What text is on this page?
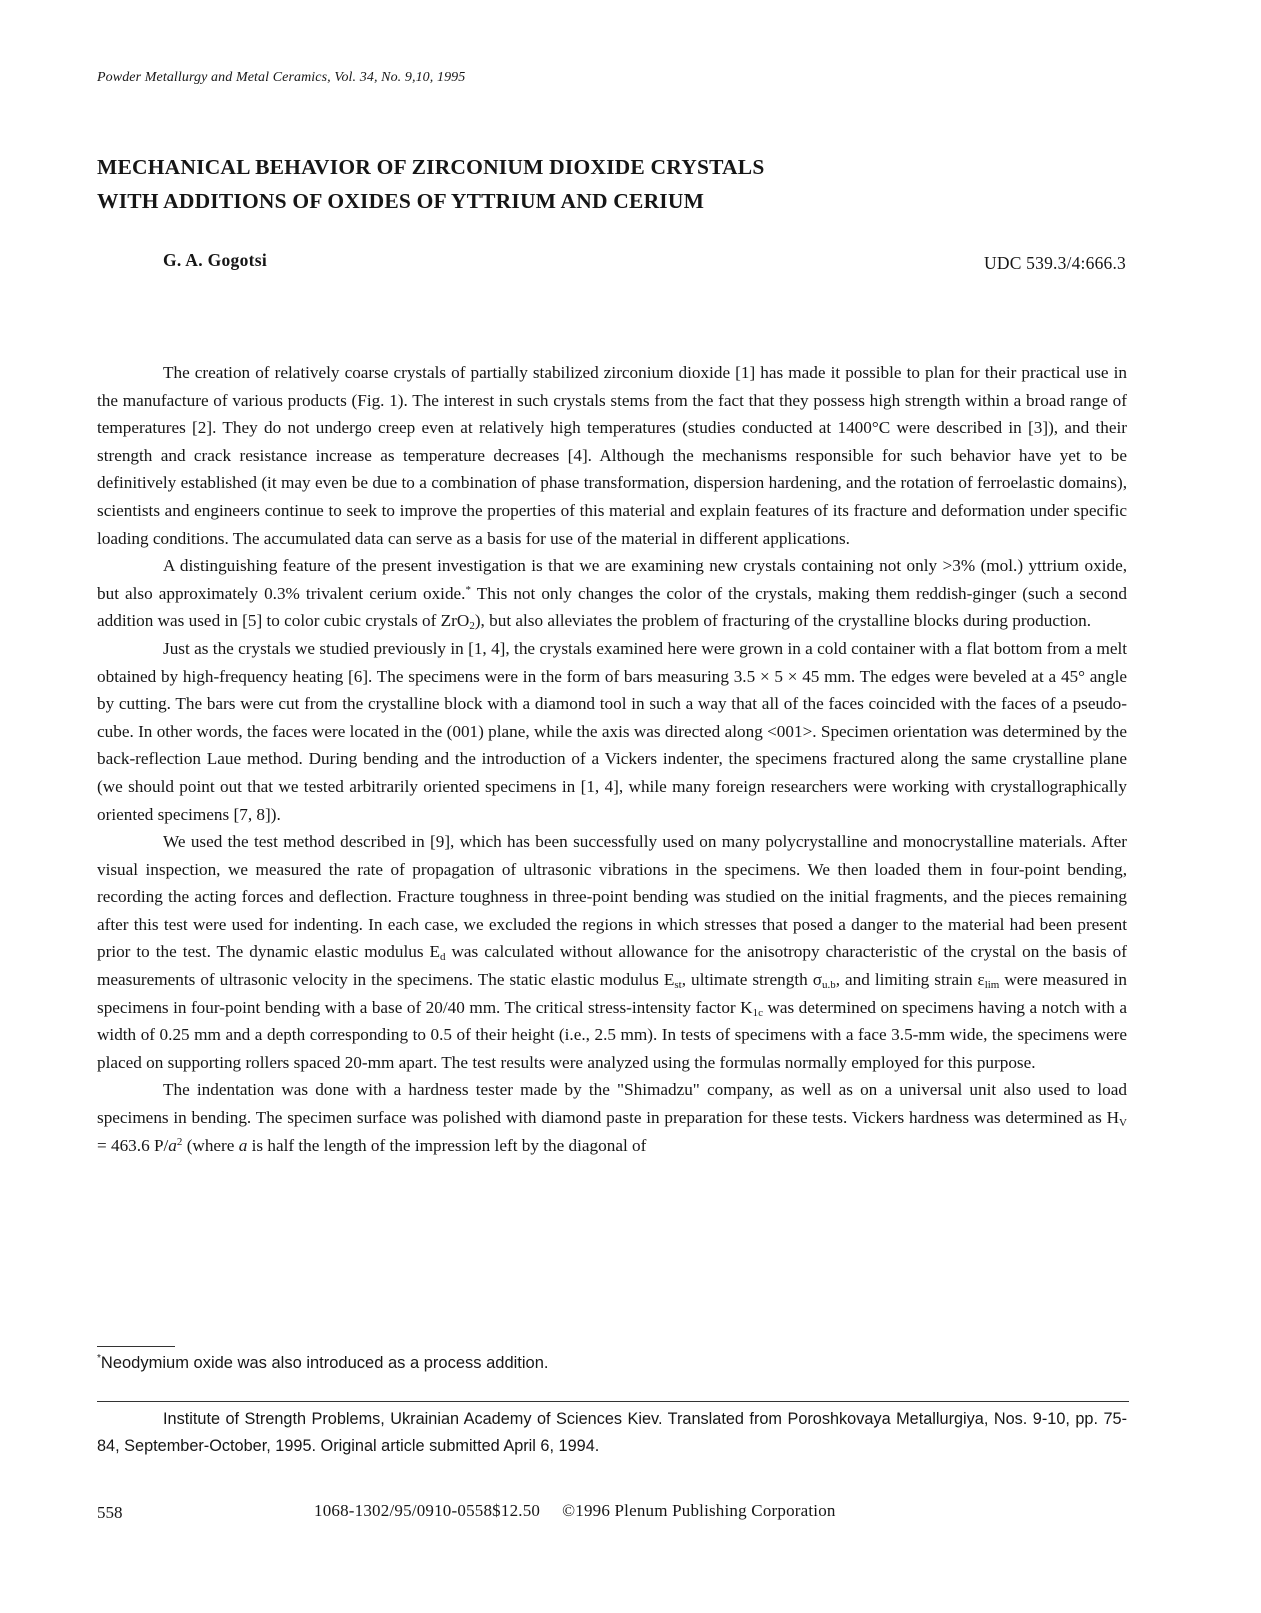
Powder Metallurgy and Metal Ceramics, Vol. 34, No. 9,10, 1995
MECHANICAL BEHAVIOR OF ZIRCONIUM DIOXIDE CRYSTALS
WITH ADDITIONS OF OXIDES OF YTTRIUM AND CERIUM
G. A. Gogotsi	UDC 539.3/4:666.3

The creation of relatively coarse crystals of partially stabilized zirconium dioxide [1] has made it possible to plan for their practical use in the manufacture of various products (Fig. 1). The interest in such crystals stems from the fact that they possess high strength within a broad range of temperatures [2]. They do not undergo creep even at relatively high temperatures (studies conducted at 1400°C were described in [3]), and their strength and crack resistance increase as temperature decreases [4]. Although the mechanisms responsible for such behavior have yet to be definitively established (it may even be due to a combination of phase transformation, dispersion hardening, and the rotation of ferroelastic domains), scientists and engineers continue to seek to improve the properties of this material and explain features of its fracture and deformation under specific loading conditions. The accumulated data can serve as a basis for use of the material in different applications.

A distinguishing feature of the present investigation is that we are examining new crystals containing not only >3% (mol.) yttrium oxide, but also approximately 0.3% trivalent cerium oxide.* This not only changes the color of the crystals, making them reddish-ginger (such a second addition was used in [5] to color cubic crystals of ZrO$_2$), but also alleviates the problem of fracturing of the crystalline blocks during production.

Just as the crystals we studied previously in [1, 4], the crystals examined here were grown in a cold container with a flat bottom from a melt obtained by high-frequency heating [6]. The specimens were in the form of bars measuring 3.5 × 5 × 45 mm. The edges were beveled at a 45° angle by cutting. The bars were cut from the crystalline block with a diamond tool in such a way that all of the faces coincided with the faces of a pseudo-cube. In other words, the faces were located in the (001) plane, while the axis was directed along <001>. Specimen orientation was determined by the back-reflection Laue method. During bending and the introduction of a Vickers indenter, the specimens fractured along the same crystalline plane (we should point out that we tested arbitrarily oriented specimens in [1, 4], while many foreign researchers were working with crystallographically oriented specimens [7, 8]).

We used the test method described in [9], which has been successfully used on many polycrystalline and monocrystalline materials. After visual inspection, we measured the rate of propagation of ultrasonic vibrations in the specimens. We then loaded them in four-point bending, recording the acting forces and deflection. Fracture toughness in three-point bending was studied on the initial fragments, and the pieces remaining after this test were used for indenting. In each case, we excluded the regions in which stresses that posed a danger to the material had been present prior to the test. The dynamic elastic modulus $E_d$ was calculated without allowance for the anisotropy characteristic of the crystal on the basis of measurements of ultrasonic velocity in the specimens. The static elastic modulus $E_{st}$, ultimate strength $\sigma_{u.b}$, and limiting strain $\varepsilon_{lim}$ were measured in specimens in four-point bending with a base of 20/40 mm. The critical stress-intensity factor $K_{1c}$ was determined on specimens having a notch with a width of 0.25 mm and a depth corresponding to 0.5 of their height (i.e., 2.5 mm). In tests of specimens with a face 3.5-mm wide, the specimens were placed on supporting rollers spaced 20-mm apart. The test results were analyzed using the formulas normally employed for this purpose.

The indentation was done with a hardness tester made by the "Shimadzu" company, as well as on a universal unit also used to load specimens in bending. The specimen surface was polished with diamond paste in preparation for these tests. Vickers hardness was determined as $H_V = 463.6$ $P/a^2$ (where a is half the length of the impression left by the diagonal of

*Neodymium oxide was also introduced as a process addition.

Institute of Strength Problems, Ukrainian Academy of Sciences Kiev. Translated from Poroshkovaya Metallurgiya, Nos. 9-10, pp. 75-84, September-October, 1995. Original article submitted April 6, 1994.

558	1068-1302/95/0910-0558$12.50 ©1996 Plenum Publishing Corporation
